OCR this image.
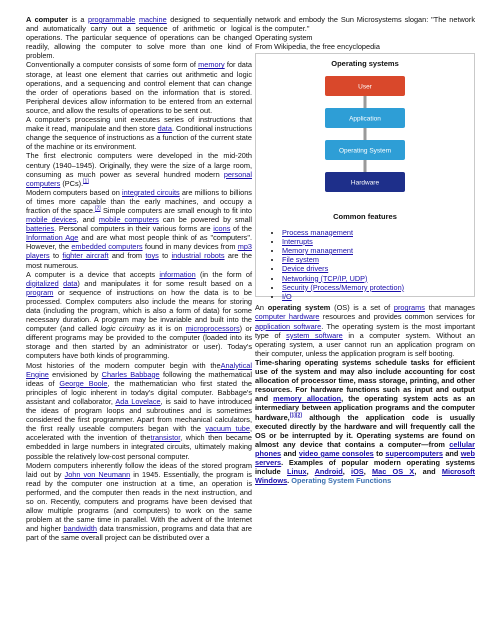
A computer is a programmable machine designed to sequentially and automatically carry out a sequence of arithmetic or logical operations. The particular sequence of operations can be changed readily, allowing the computer to solve more than one kind of problem.

Conventionally a computer consists of some form of memory for data storage, at least one element that carries out arithmetic and logic operations, and a sequencing and control element that can change the order of operations based on the information that is stored. Peripheral devices allow information to be entered from an external source, and allow the results of operations to be sent out.

A computer's processing unit executes series of instructions that make it read, manipulate and then store data. Conditional instructions change the sequence of instructions as a function of the current state of the machine or its environment.

The first electronic computers were developed in the mid-20th century (1940–1945). Originally, they were the size of a large room, consuming as much power as several hundred modern personal computers (PCs).[1]

Modern computers based on integrated circuits are millions to billions of times more capable than the early machines, and occupy a fraction of the space.[2] Simple computers are small enough to fit into mobile devices, and mobile computers can be powered by small batteries. Personal computers in their various forms are icons of the Information Age and are what most people think of as "computers". However, the embedded computers found in many devices from mp3 players to fighter aircraft and from toys to industrial robots are the most numerous.

A computer is a device that accepts information (in the form of digitalized data) and manipulates it for some result based on a program or sequence of instructions on how the data is to be processed. Complex computers also include the means for storing data (including the program, which is also a form of data) for some necessary duration. A program may be invariable and built into the computer (and called logic circuitry as it is on microprocessors) or different programs may be provided to the computer (loaded into its storage and then started by an administrator or user). Today's computers have both kinds of programming.

Most histories of the modern computer begin with theAnalytical Engine envisioned by Charles Babbage following the mathematical ideas of George Boole, the mathematician who first stated the principles of logic inherent in today's digital computer. Babbage's assistant and collaborator, Ada Lovelace, is said to have introduced the ideas of program loops and subroutines and is sometimes considered the first programmer. Apart from mechanical calculators, the first really useable computers began with the vacuum tube, accelerated with the invention of thetransistor, which then became embedded in large numbers in integrated circuits, ultimately making possible the relatively low-cost personal computer.

Modern computers inherently follow the ideas of the stored program laid out by John von Neumann in 1945. Essentially, the program is read by the computer one instruction at a time, an operation is performed, and the computer then reads in the next instruction, and so on. Recently, computers and programs have been devised that allow multiple programs (and computers) to work on the same problem at the same time in parallel. With the advent of the Internet and higher bandwidth data transmission, programs and data that are part of the same overall project can be distributed over a

network and embody the Sun Microsystems slogan: "The network is the computer."

Operating system

From Wikipedia, the free encyclopedia

Operating systems
User
Application
Operating System
Hardware
Common features
• Process management
• Interrupts
• Memory management
• File system
• Device drivers
• Networking (TCP/IP, UDP)
• Security (Process/Memory protection)
• I/O

An operating system (OS) is a set of programs that manages computer hardware resources and provides common services for application software. The operating system is the most important type of system software in a computer system. Without an operating system, a user cannot run an application program on their computer, unless the application program is self booting.

Time-sharing operating systems schedule tasks for efficient use of the system and may also include accounting for cost allocation of processor time, mass storage, printing, and other resources. For hardware functions such as input and output and memory allocation, the operating system acts as an intermediary between application programs and the computer hardware,[1][2] although the application code is usually executed directly by the hardware and will frequently call the OS or be interrupted by it. Operating systems are found on almost any device that contains a computer—from cellular phones and video game consoles to supercomputers and web servers. Examples of popular modern operating systems include Linux, Android, iOS, Mac OS X, and Microsoft Windows. Operating System Functions
